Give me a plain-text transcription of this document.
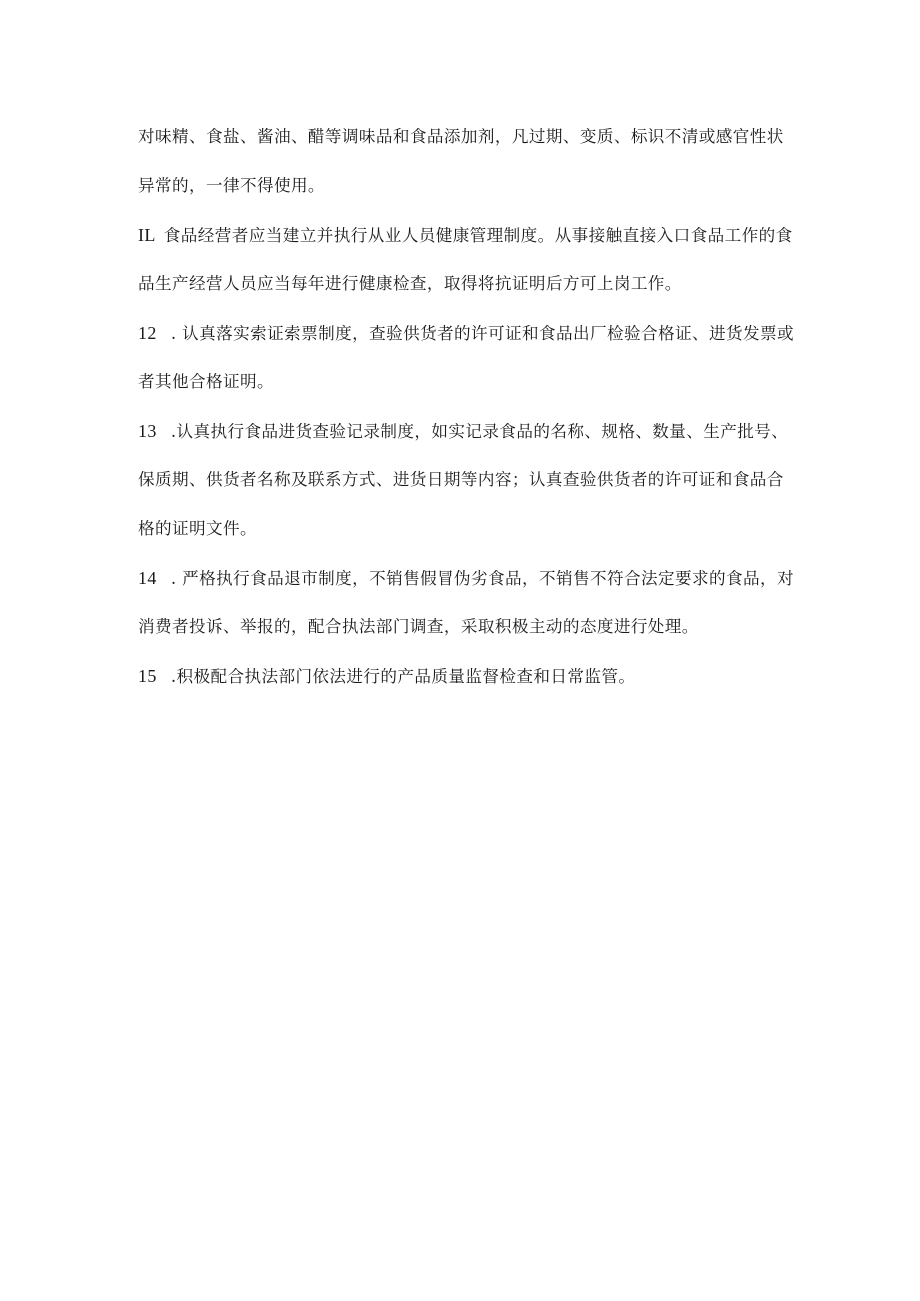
对味精、食盐、酱油、醋等调味品和食品添加剂，凡过期、变质、标识不清或感官性状
异常的，一律不得使用。
IL 食品经营者应当建立并执行从业人员健康管理制度。从事接触直接入口食品工作的食
品生产经营人员应当每年进行健康检查，取得将抗证明后方可上岗工作。
12 . 认真落实索证索票制度，查验供货者的许可证和食品出厂检验合格证、进货发票或
者其他合格证明。
13 .认真执行食品进货查验记录制度，如实记录食品的名称、规格、数量、生产批号、
保质期、供货者名称及联系方式、进货日期等内容；认真查验供货者的许可证和食品合
格的证明文件。
14 . 严格执行食品退市制度，不销售假冒伪劣食品，不销售不符合法定要求的食品，对
消费者投诉、举报的，配合执法部门调查，采取积极主动的态度进行处理。
15 .积极配合执法部门依法进行的产品质量监督检查和日常监管。
